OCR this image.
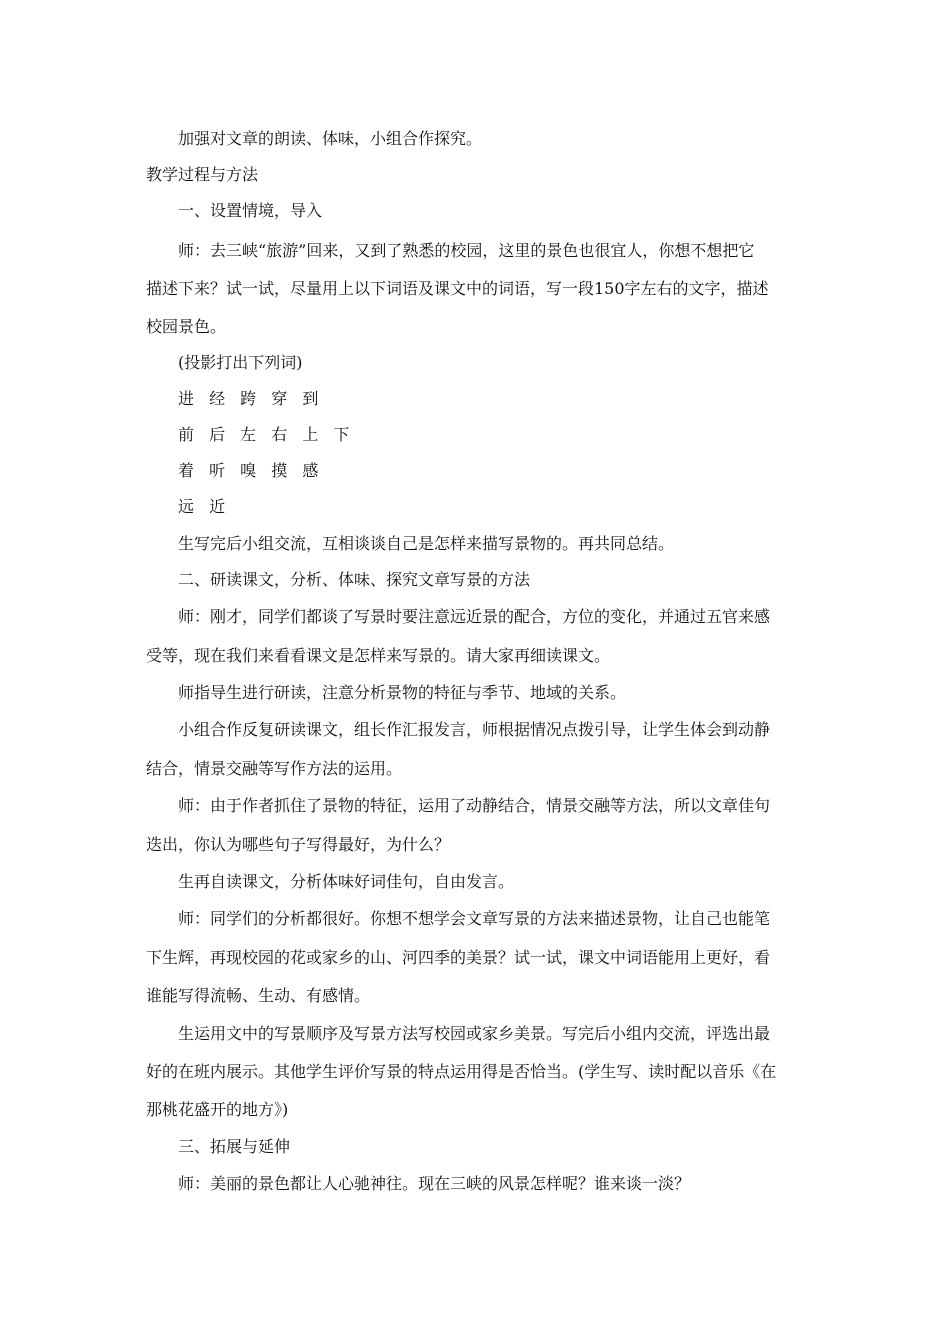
加强对文章的朗读、体味，小组合作探究。
教学过程与方法
一、设置情境，导入
师：去三峡“旅游”回来，又到了熟悉的校园，这里的景色也很宜人，你想不想把它
描述下来？试一试，尽量用上以下词语及课文中的词语，写一段150字左右的文字，描述
校园景色。
(投影打出下列词)
进 经 跨 穿 到
前 后 左 右 上 下
着 听 嗅 摸 感
远 近
生写完后小组交流，互相谈谈自己是怎样来描写景物的。再共同总结。
二、研读课文，分析、体味、探究文章写景的方法
师：刚才，同学们都谈了写景时要注意远近景的配合，方位的变化，并通过五官来感
受等，现在我们来看看课文是怎样来写景的。请大家再细读课文。
师指导生进行研读，注意分析景物的特征与季节、地域的关系。
小组合作反复研读课文，组长作汇报发言，师根据情况点拨引导，让学生体会到动静
结合，情景交融等写作方法的运用。
师：由于作者抓住了景物的特征，运用了动静结合，情景交融等方法，所以文章佳句
迭出，你认为哪些句子写得最好，为什么？
生再自读课文，分析体味好词佳句，自由发言。
师：同学们的分析都很好。你想不想学会文章写景的方法来描述景物，让自己也能笔
下生辉，再现校园的花或家乡的山、河四季的美景？试一试，课文中词语能用上更好，看
谁能写得流畅、生动、有感情。
生运用文中的写景顺序及写景方法写校园或家乡美景。写完后小组内交流，评选出最
好的在班内展示。其他学生评价写景的特点运用得是否恰当。(学生写、读时配以音乐《在
那桃花盛开的地方》)
三、拓展与延伸
师：美丽的景色都让人心驰神往。现在三峡的风景怎样呢？谁来谈一淡？
